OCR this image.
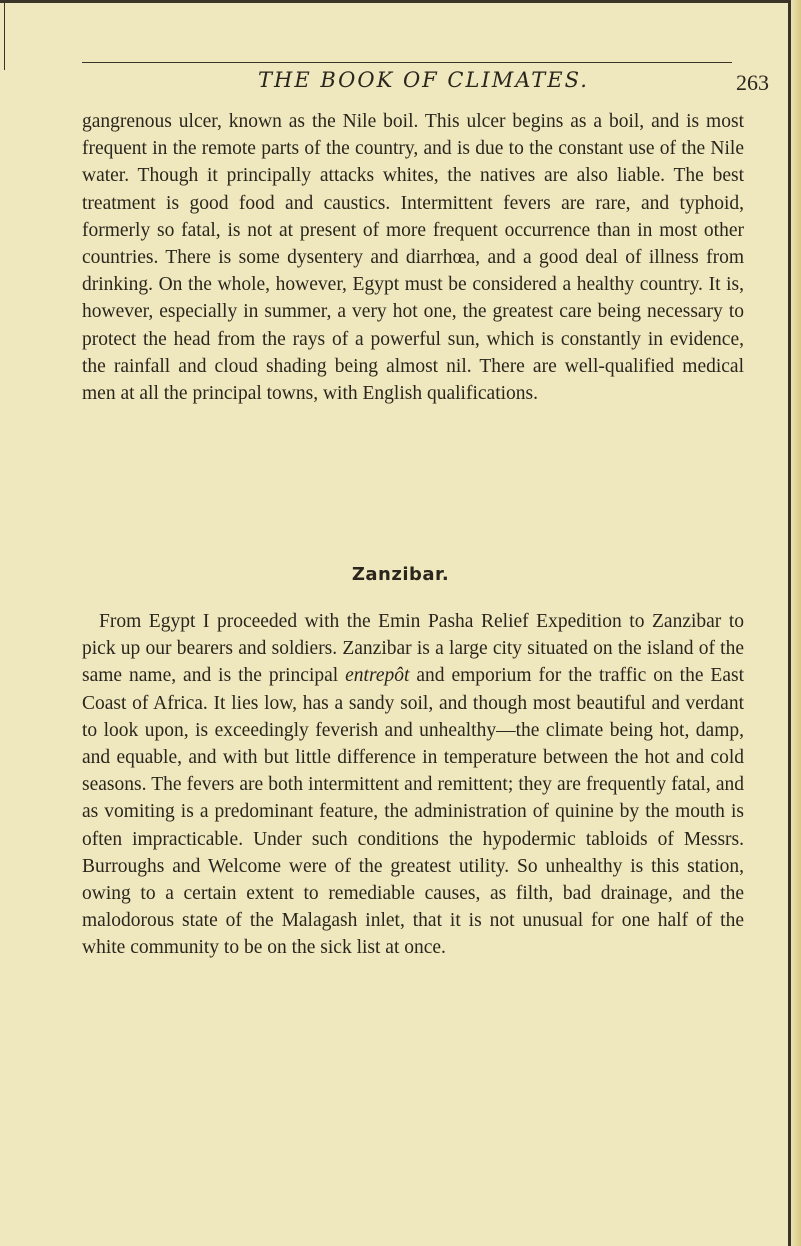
THE BOOK OF CLIMATES.	263

gangrenous ulcer, known as the Nile boil. This ulcer begins as a boil, and is most frequent in the remote parts of the country, and is due to the constant use of the Nile water. Though it principally attacks whites, the natives are also liable. The best treatment is good food and caustics. Intermittent fevers are rare, and typhoid, formerly so fatal, is not at present of more frequent occurrence than in most other countries. There is some dysentery and diarrhœa, and a good deal of illness from drinking. On the whole, however, Egypt must be considered a healthy country. It is, however, especially in summer, a very hot one, the greatest care being necessary to protect the head from the rays of a powerful sun, which is constantly in evidence, the rainfall and cloud shading being almost nil. There are well-qualified medical men at all the principal towns, with English qualifications.

Zanzibar.

From Egypt I proceeded with the Emin Pasha Relief Expedition to Zanzibar to pick up our bearers and soldiers. Zanzibar is a large city situated on the island of the same name, and is the principal entrepôt and emporium for the traffic on the East Coast of Africa. It lies low, has a sandy soil, and though most beautiful and verdant to look upon, is exceedingly feverish and unhealthy—the climate being hot, damp, and equable, and with but little difference in temperature between the hot and cold seasons. The fevers are both intermittent and remittent; they are frequently fatal, and as vomiting is a predominant feature, the administration of quinine by the mouth is often impracticable. Under such conditions the hypodermic tabloids of Messrs. Burroughs and Welcome were of the greatest utility. So unhealthy is this station, owing to a certain extent to remediable causes, as filth, bad drainage, and the malodorous state of the Malagash inlet, that it is not unusual for one half of the white community to be on the sick list at once.
